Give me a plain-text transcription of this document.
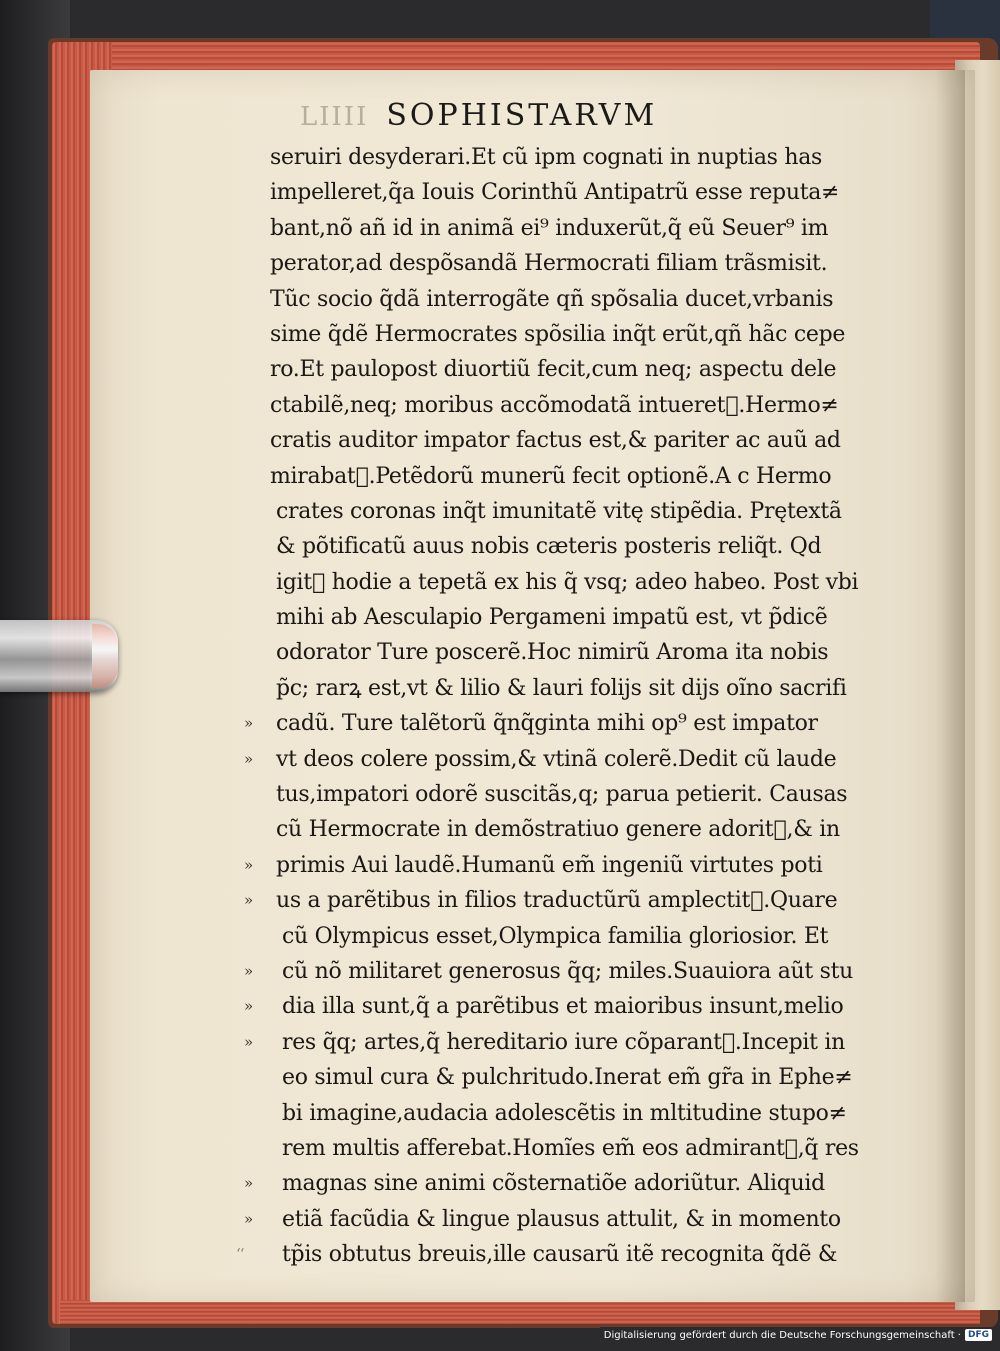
LIIII SOPHISTARVM
seruiri desyderari.Et cũ ipm cognati in nuptias has
impelleret,q̃a Iouis Corinthũ Antipatrũ esse reputa≠
bant,nõ añ id in animã ei⁹ induxerũt,q̃ eũ Seuer⁹ im
perator,ad despõsandã Hermocrati filiam trãsmisit.
Tũc socio q̃dã interrogãte qñ spõsalia ducet,vrbanis
sime q̃dẽ Hermocrates spõsilia inq̃t erũt,qñ hãc cepe
ro.Et paulopost diuortiũ fecit,cum neq; aspectu dele
ctabilẽ,neq; moribus accõmodatã intueret᷑.Hermo≠
cratis auditor impator factus est,& pariter ac auũ ad
mirabat᷑.Petẽdorũ munerũ fecit optionẽ.A c Hermo
crates coronas inq̃t imunitatẽ vitę stipẽdia. Prętextã
& põtificatũ auus nobis cæteris posteris reliq̃t. Qd
igit᷑ hodie a tepetã ex his q̃ vsq; adeo habeo. Post vbi
mihi ab Aesculapio Pergameni impatũ est, vt p̃dicẽ
odorator Ture poscerẽ.Hoc nimirũ Aroma ita nobis
p̃c; rarꝝ est,vt & lilio & lauri folijs sit dijs oĩno sacrifi
» cadũ. Ture talẽtorũ q̃nq̃ginta mihi op⁹ est impator
» vt deos colere possim,& vtinã colerẽ.Dedit cũ laude
tus,impatori odorẽ suscitãs,q; parua petierit. Causas
cũ Hermocrate in demõstratiuo genere adorit᷑,& in
» primis Aui laudẽ.Humanũ em̃ ingeniũ virtutes poti
» us a parẽtibus in filios traductũrũ amplectit᷑.Quare
cũ Olympicus esset,Olympica familia gloriosior. Et
» cũ nõ militaret generosus q̃q; miles.Suauiora aũt stu
» dia illa sunt,q̃ a parẽtibus et maioribus insunt,melio
» res q̃q; artes,q̃ hereditario iure cõparant᷑.Incepit in
eo simul cura & pulchritudo.Inerat em̃ gr̃a in Ephe≠
bi imagine,audacia adolescẽtis in mltitudine stupo≠
rem multis afferebat.Homĩes em̃ eos admirant᷑,q̃ res
» magnas sine animi cõsternatiõe adoriũtur. Aliquid
» etiã facũdia & lingue plausus attulit, & in momento
‘‘ tp̃is obtutus breuis,ille causarũ itẽ recognita q̃dẽ &
Digitalisierung gefördert durch die Deutsche Forschungsgemeinschaft · DFG
